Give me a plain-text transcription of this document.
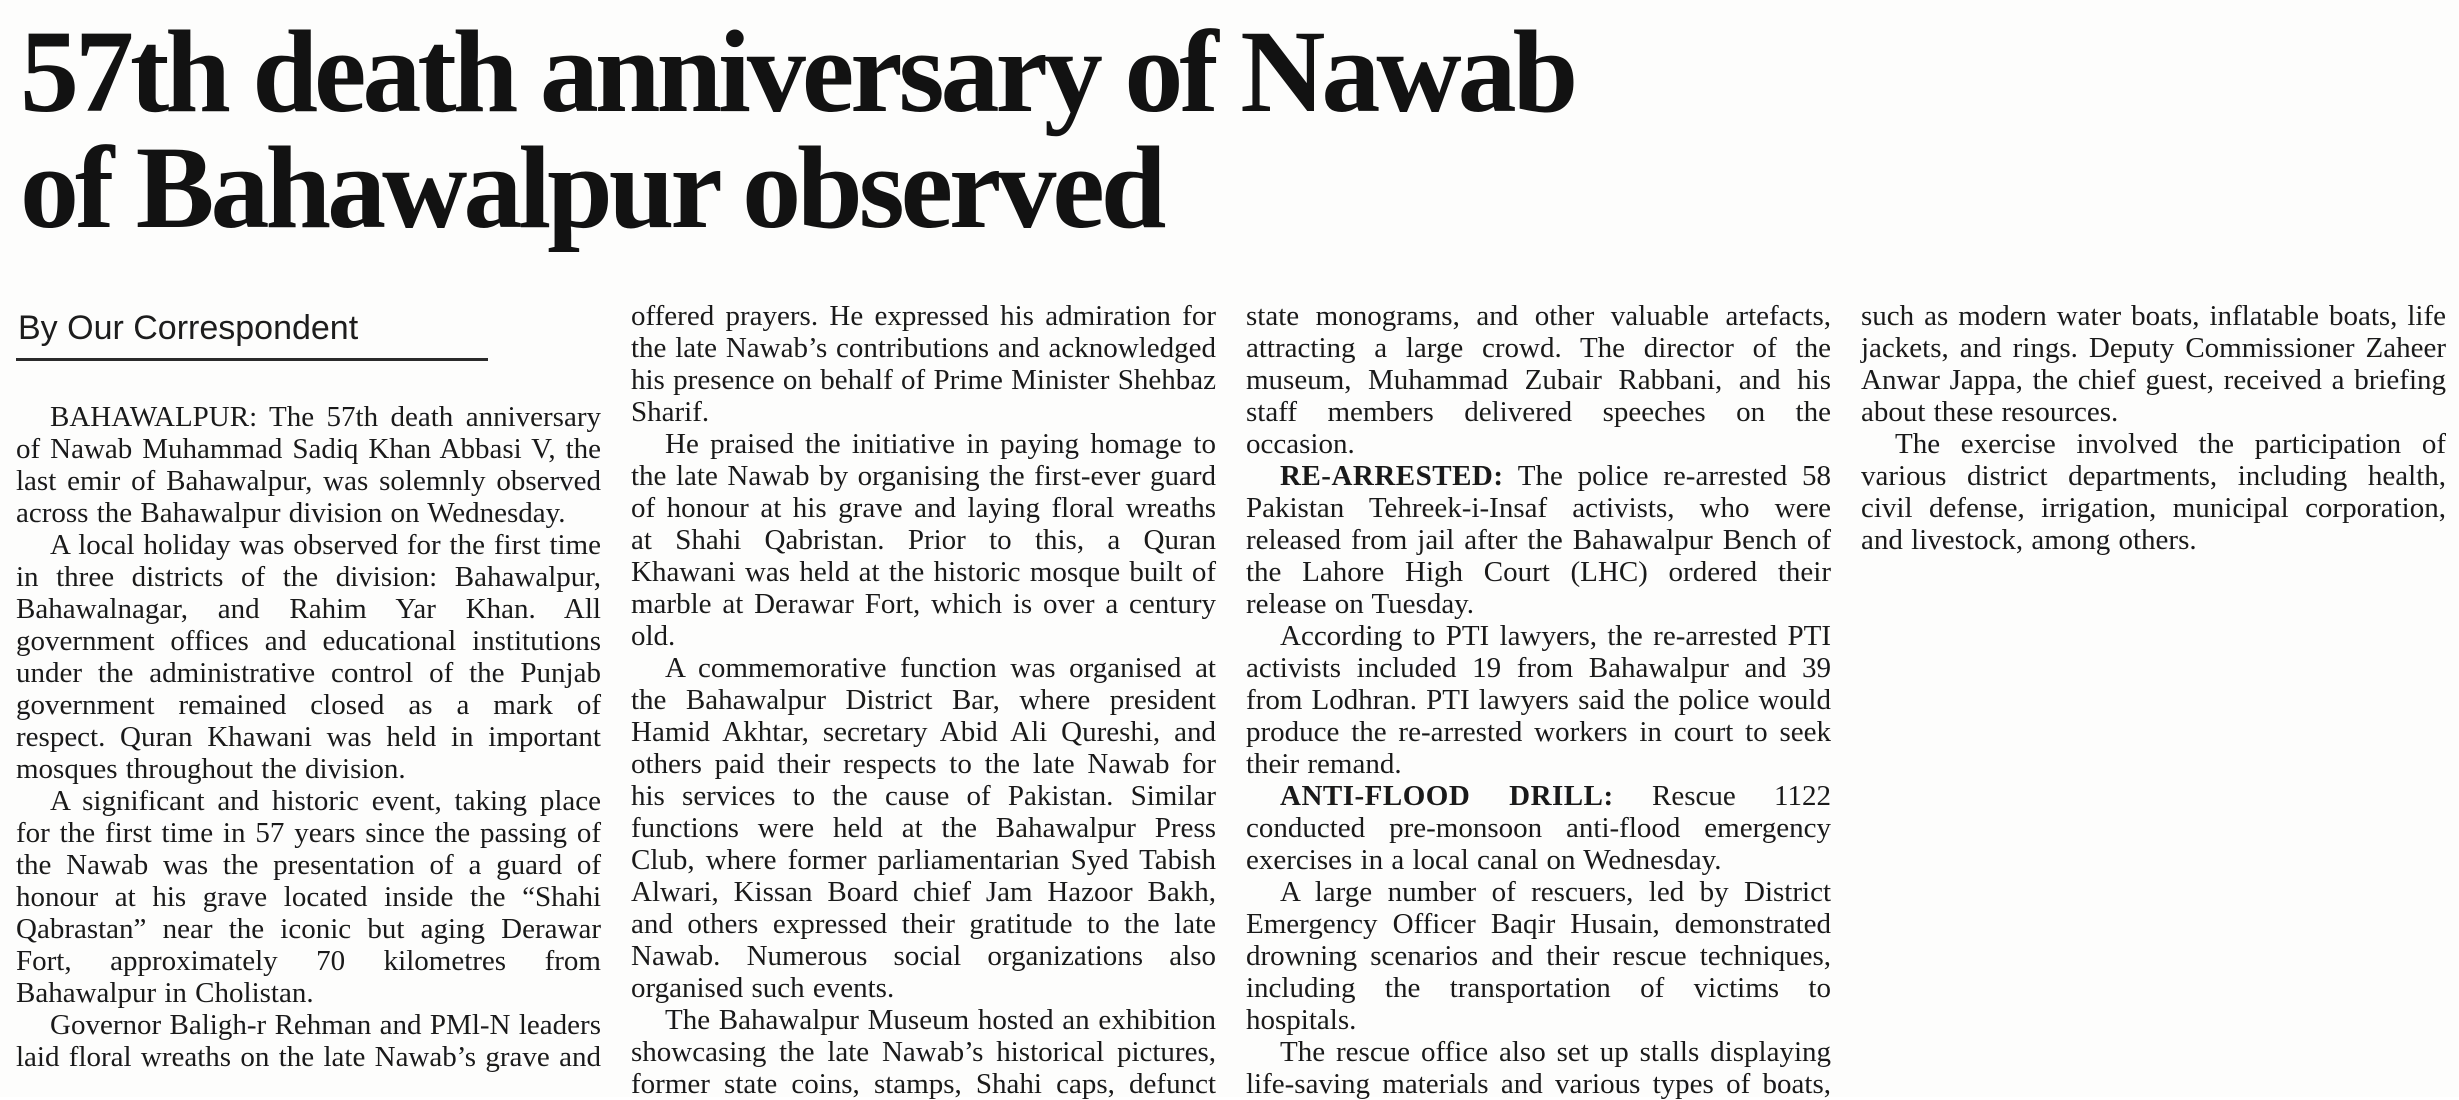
57th death anniversary of Nawab
of Bahawalpur observed
By Our Correspondent

BAHAWALPUR: The 57th death anniversary of Nawab Muhammad Sadiq Khan Abbasi V, the last emir of Bahawalpur, was solemnly observed across the Bahawalpur division on Wednesday.

A local holiday was observed for the first time in three districts of the division: Bahawalpur, Bahawalnagar, and Rahim Yar Khan. All government offices and educational institutions under the administrative control of the Punjab government remained closed as a mark of respect. Quran Khawani was held in important mosques throughout the division.

A significant and historic event, taking place for the first time in 57 years since the passing of the Nawab was the presentation of a guard of honour at his grave located inside the “Shahi Qabrastan” near the iconic but aging Derawar Fort, approximately 70 kilometres from Bahawalpur in Cholistan.

Governor Baligh-r Rehman and PMl-N leaders laid floral wreaths on the late Nawab’s grave and offered prayers. He expressed his admiration for the late Nawab’s contributions and acknowledged his presence on behalf of Prime Minister Shehbaz Sharif.

He praised the initiative in paying homage to the late Nawab by organising the first-ever guard of honour at his grave and laying floral wreaths at Shahi Qabristan. Prior to this, a Quran Khawani was held at the historic mosque built of marble at Derawar Fort, which is over a century old.

A commemorative function was organised at the Bahawalpur District Bar, where president Hamid Akhtar, secretary Abid Ali Qureshi, and others paid their respects to the late Nawab for his services to the cause of Pakistan. Similar functions were held at the Bahawalpur Press Club, where former parliamentarian Syed Tabish Alwari, Kissan Board chief Jam Hazoor Bakh, and others expressed their gratitude to the late Nawab. Numerous social organizations also organised such events.

The Bahawalpur Museum hosted an exhibition showcasing the late Nawab’s historical pictures, former state coins, stamps, Shahi caps, defunct state monograms, and other valuable artefacts, attracting a large crowd. The director of the museum, Muhammad Zubair Rabbani, and his staff members delivered speeches on the occasion.

RE-ARRESTED: The police re-arrested 58 Pakistan Tehreek-i-Insaf activists, who were released from jail after the Bahawalpur Bench of the Lahore High Court (LHC) ordered their release on Tuesday.

According to PTI lawyers, the re-arrested PTI activists included 19 from Bahawalpur and 39 from Lodhran. PTI lawyers said the police would produce the re-arrested workers in court to seek their remand.

ANTI-FLOOD DRILL: Rescue 1122 conducted pre-monsoon anti-flood emergency exercises in a local canal on Wednesday.

A large number of rescuers, led by District Emergency Officer Baqir Husain, demonstrated drowning scenarios and their rescue techniques, including the transportation of victims to hospitals.

The rescue office also set up stalls displaying life-saving materials and various types of boats, such as modern water boats, inflatable boats, life jackets, and rings. Deputy Commissioner Zaheer Anwar Jappa, the chief guest, received a briefing about these resources.

The exercise involved the participation of various district departments, including health, civil defense, irrigation, municipal corporation, and livestock, among others.
